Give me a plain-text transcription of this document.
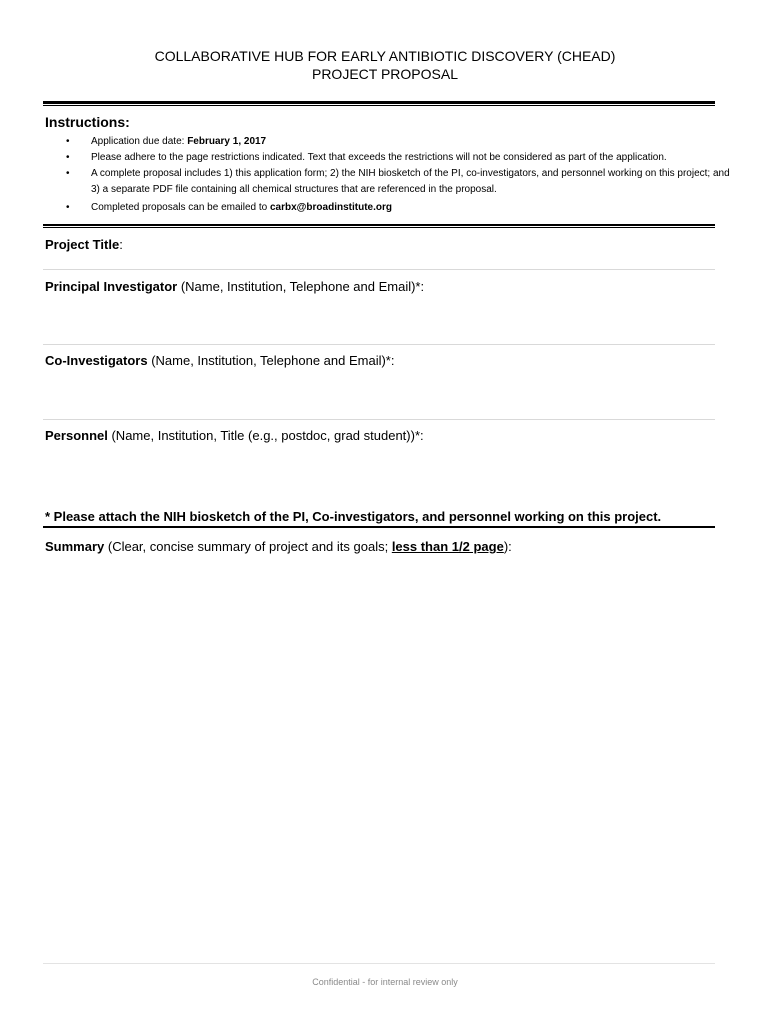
COLLABORATIVE HUB FOR EARLY ANTIBIOTIC DISCOVERY (CHEAD)
PROJECT PROPOSAL
Instructions:
• Application due date: February 1, 2017
• Please adhere to the page restrictions indicated. Text that exceeds the restrictions will not be considered as part of the application.
• A complete proposal includes 1) this application form; 2) the NIH biosketch of the PI, co-investigators, and personnel working on this project; and 3) a separate PDF file containing all chemical structures that are referenced in the proposal.
• Completed proposals can be emailed to carbx@broadinstitute.org
Project Title:
Principal Investigator (Name, Institution, Telephone and Email)*:
Co-Investigators (Name, Institution, Telephone and Email)*:
Personnel (Name, Institution, Title (e.g., postdoc, grad student))*:
* Please attach the NIH biosketch of the PI, Co-investigators, and personnel working on this project.
Summary (Clear, concise summary of project and its goals; less than 1/2 page):
Confidential - for internal review only
